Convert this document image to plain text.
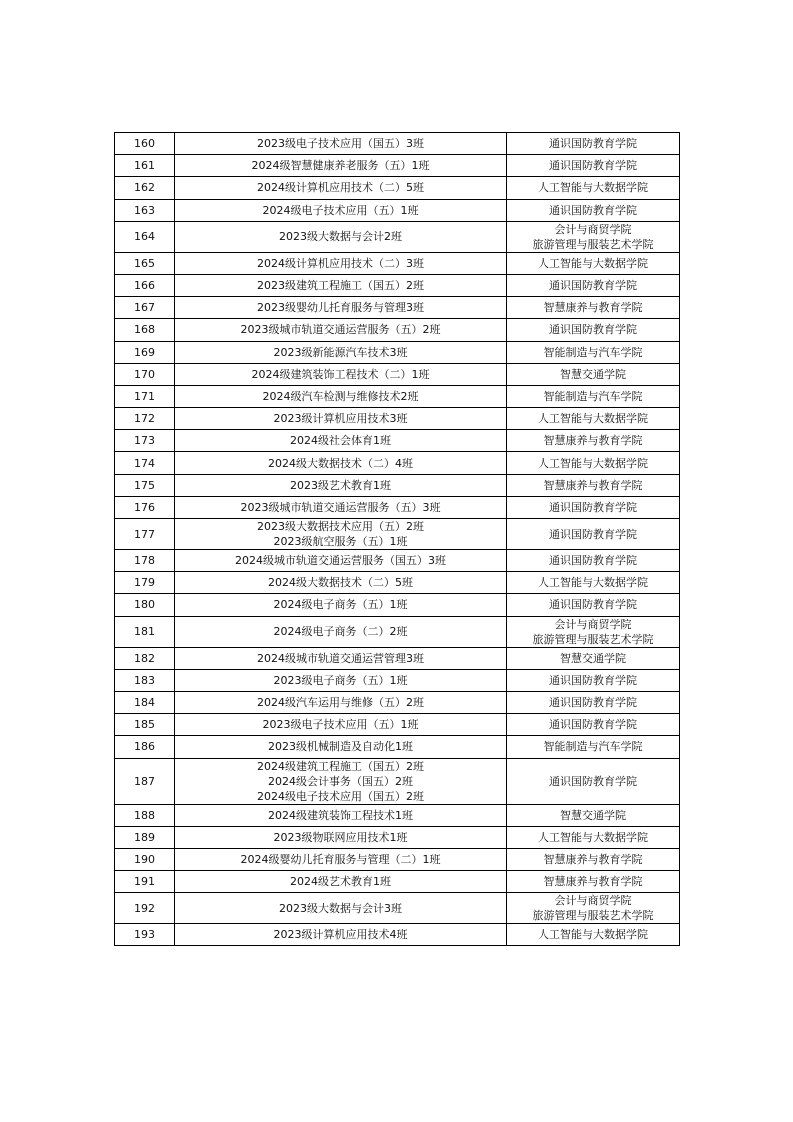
160	2023级电子技术应用（国五）3班	通识国防教育学院

161	2024级智慧健康养老服务（五）1班	通识国防教育学院

162	2024级计算机应用技术（二）5班	人工智能与大数据学院

163	2024级电子技术应用（五）1班	通识国防教育学院

164	2023级大数据与会计2班	会计与商贸学院
旅游管理与服装艺术学院

165	2024级计算机应用技术（二）3班	人工智能与大数据学院

166	2023级建筑工程施工（国五）2班	通识国防教育学院

167	2023级婴幼儿托育服务与管理3班	智慧康养与教育学院

168	2023级城市轨道交通运营服务（五）2班	通识国防教育学院

169	2023级新能源汽车技术3班	智能制造与汽车学院

170	2024级建筑装饰工程技术（二）1班	智慧交通学院

171	2024级汽车检测与维修技术2班	智能制造与汽车学院

172	2023级计算机应用技术3班	人工智能与大数据学院

173	2024级社会体育1班	智慧康养与教育学院

174	2024级大数据技术（二）4班	人工智能与大数据学院

175	2023级艺术教育1班	智慧康养与教育学院

176	2023级城市轨道交通运营服务（五）3班	通识国防教育学院

177	2023级大数据技术应用（五）2班
2023级航空服务（五）1班	通识国防教育学院

178	2024级城市轨道交通运营服务（国五）3班	通识国防教育学院

179	2024级大数据技术（二）5班	人工智能与大数据学院

180	2024级电子商务（五）1班	通识国防教育学院

181	2024级电子商务（二）2班	会计与商贸学院
旅游管理与服装艺术学院

182	2024级城市轨道交通运营管理3班	智慧交通学院

183	2023级电子商务（五）1班	通识国防教育学院

184	2024级汽车运用与维修（五）2班	通识国防教育学院

185	2023级电子技术应用（五）1班	通识国防教育学院

186	2023级机械制造及自动化1班	智能制造与汽车学院

187	2024级建筑工程施工（国五）2班
2024级会计事务（国五）2班
2024级电子技术应用（国五）2班	通识国防教育学院

188	2024级建筑装饰工程技术1班	智慧交通学院

189	2023级物联网应用技术1班	人工智能与大数据学院

190	2024级婴幼儿托育服务与管理（二）1班	智慧康养与教育学院

191	2024级艺术教育1班	智慧康养与教育学院

192	2023级大数据与会计3班	会计与商贸学院
旅游管理与服装艺术学院

193	2023级计算机应用技术4班	人工智能与大数据学院
